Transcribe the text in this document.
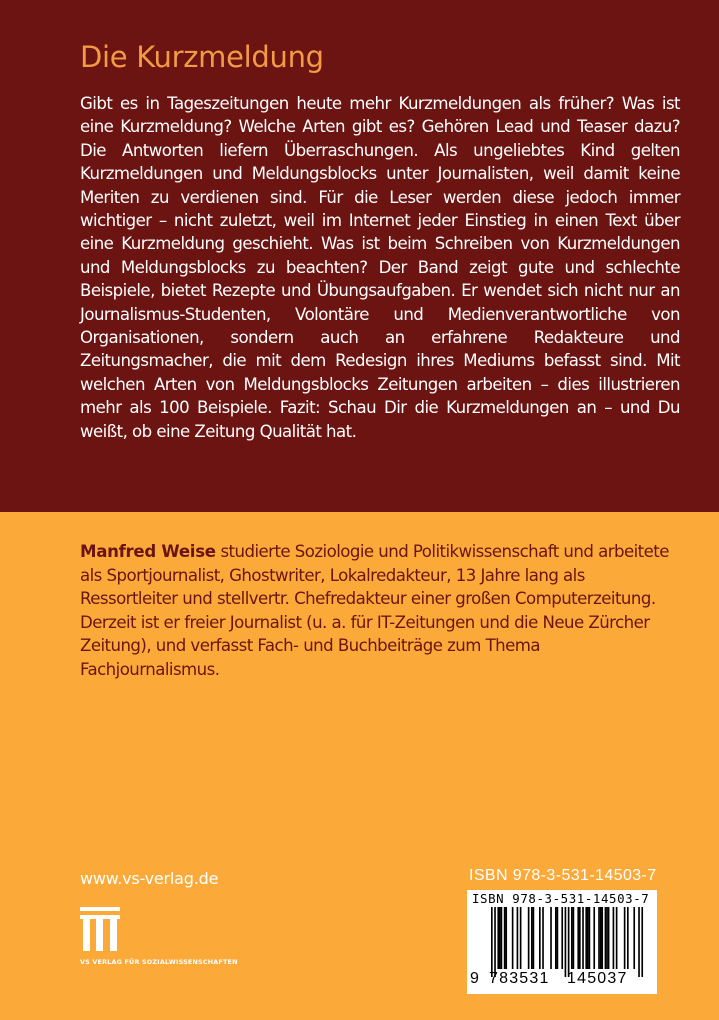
Die Kurzmeldung

Gibt es in Tageszeitungen heute mehr Kurzmeldungen als früher? Was ist eine Kurzmeldung? Welche Arten gibt es? Gehören Lead und Teaser dazu? Die Antworten liefern Überraschungen. Als ungeliebtes Kind gelten Kurzmeldungen und Meldungsblocks unter Journalisten, weil damit keine Meriten zu verdienen sind. Für die Leser werden diese jedoch immer wichtiger – nicht zuletzt, weil im Internet jeder Einstieg in einen Text über eine Kurzmeldung geschieht. Was ist beim Schreiben von Kurzmeldungen und Meldungsblocks zu beachten? Der Band zeigt gute und schlechte Beispiele, bietet Rezepte und Übungsaufgaben. Er wendet sich nicht nur an Journalismus-Studenten, Volontäre und Medienverantwortliche von Organisationen, sondern auch an erfahrene Redakteure und Zeitungsmacher, die mit dem Redesign ihres Mediums befasst sind. Mit welchen Arten von Meldungsblocks Zeitungen arbeiten – dies illustrieren mehr als 100 Beispiele. Fazit: Schau Dir die Kurzmeldungen an – und Du weißt, ob eine Zeitung Qualität hat.

Manfred Weise studierte Soziologie und Politikwissenschaft und arbeitete als Sportjournalist, Ghostwriter, Lokalredakteur, 13 Jahre lang als Ressortleiter und stellvertr. Chefredakteur einer großen Computerzeitung. Derzeit ist er freier Journalist (u. a. für IT-Zeitungen und die Neue Zürcher Zeitung), und verfasst Fach- und Buchbeiträge zum Thema Fachjournalismus.

www.vs-verlag.de
VS VERLAG FÜR SOZIALWISSENSCHAFTEN
ISBN 978-3-531-14503-7
ISBN 978-3-531-14503-7
9 783531 145037
